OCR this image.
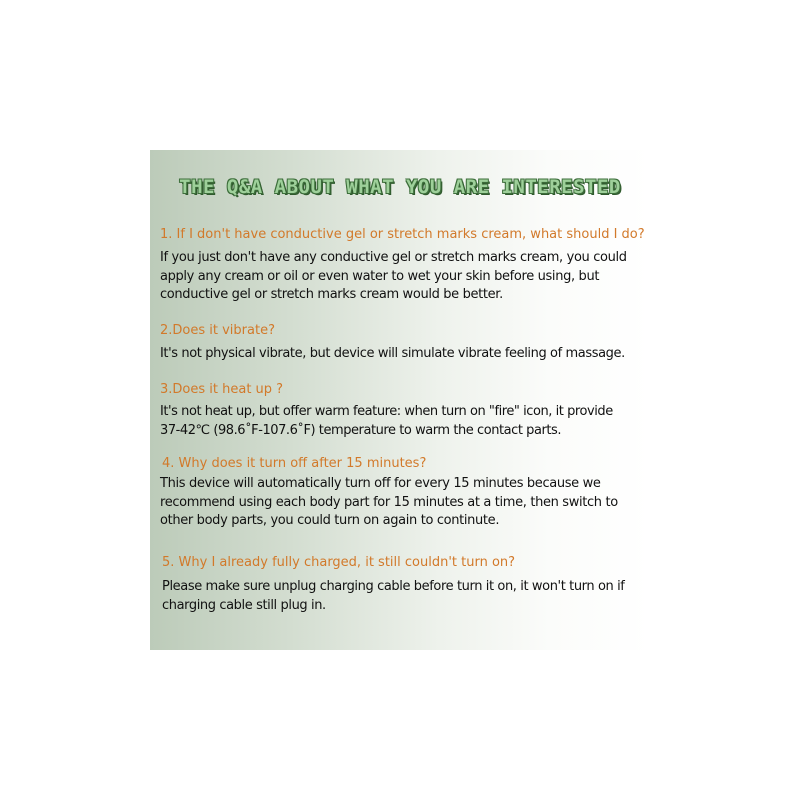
THE Q&A ABOUT WHAT YOU ARE INTERESTED
1. If I don't have conductive gel or stretch marks cream, what should I do?
If you just don't have any conductive gel or stretch marks cream, you could
apply any cream or oil or even water to wet your skin before using, but
conductive gel or stretch marks cream would be better.
2.Does it vibrate?
It's not physical vibrate, but device will simulate vibrate feeling of massage.
3.Does it heat up ?
It's not heat up, but offer warm feature: when turn on "fire" icon, it provide
37-42℃ (98.6˚F-107.6˚F) temperature to warm the contact parts.
4. Why does it turn off after 15 minutes?
This device will automatically turn off for every 15 minutes because we
recommend using each body part for 15 minutes at a time, then switch to
other body parts, you could turn on again to continute.
5. Why I already fully charged, it still couldn't turn on?
Please make sure unplug charging cable before turn it on, it won't turn on if
charging cable still plug in.
